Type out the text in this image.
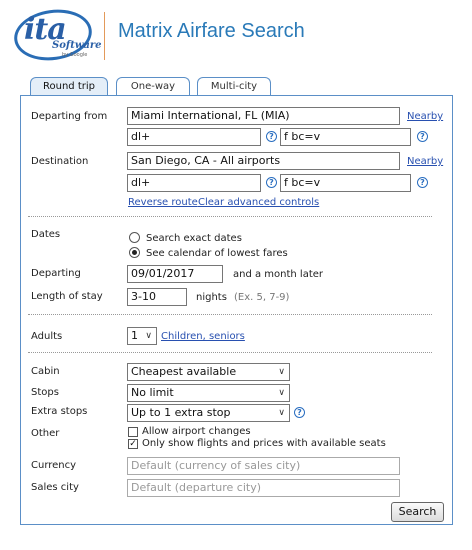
ita
Software
by Google
Matrix Airfare Search
Round trip	One-way	Multi-city
Departing from	Miami International, FL (MIA)	Nearby
dl+	? f bc=v	?
Destination	San Diego, CA - All airports	Nearby
dl+	? f bc=v	?
Reverse route Clear advanced controls
Dates	Search exact dates
See calendar of lowest fares
Departing	09/01/2017	and a month later
Length of stay	3-10	nights (Ex. 5, 7-9)
Adults	1 ∨ Children, seniors
Cabin	Cheapest available	∨
Stops	No limit	∨
Extra stops	Up to 1 extra stop	∨	?
Other	Allow airport changes
✓ Only show flights and prices with available seats
Currency	Default (currency of sales city)
Sales city	Default (departure city)
Search
